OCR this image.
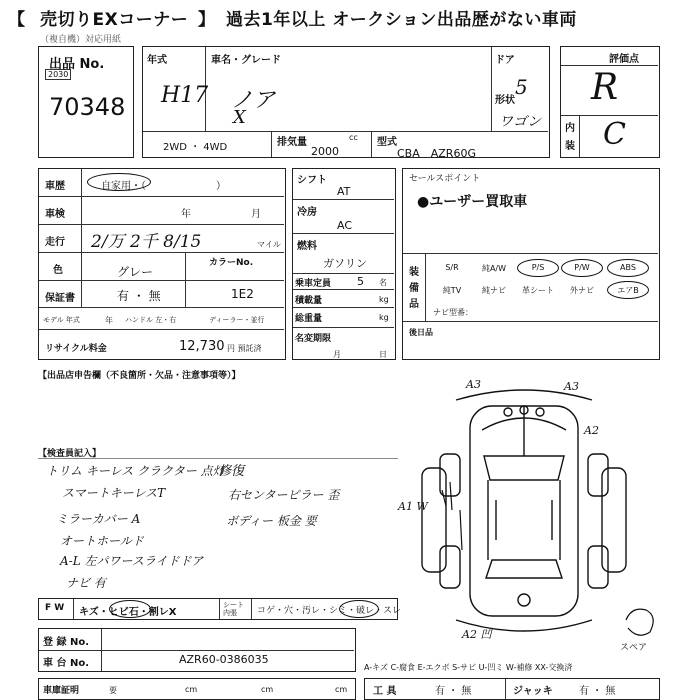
【 売切りEXコーナー 】 過去1年以上 オークション出品歴がない車両
（複自機）対応用紙
出品 No.
2030
70348
年式
H17
車名・グレード
ノア
X
ドア
5
形状
ワゴン
2WD ・ 4WD	排気量	cc
2000
型式
CBA　AZR60G
評価点
R
内
装 C
車歴	自家用・（　　　　　　　）
車検	年	月
走行 2/万 2千 8/15	マイル
色	グレー
カラーNo.
1E2
保証書	有 ・ 無
モデル 年式	年 ハンドル 左・右	ディーラー・並行
リサイクル料金	12,730 円 預託済
シフト
AT
冷房
AC
燃料
ガソリン
乗車定員 5 名
積載量	kg
総重量	kg
名変期限
月	日
セールスポイント
●ユーザー買取車
装
備
品
S/R	純A/W	P/S	P/W	ABS
純TV	純ナビ	革シート	外ナビ	エアB
ナビ型番：
後日品
【出品店申告欄（不良箇所・欠品・注意事項等）】
【検査員記入】
トリム キーレス クラクター 点灯
スマートキーレスT
ミラーカバー A
オートホールド
A-L 左パワースライドドア
ナビ 有
修復
右センターピラー 歪
ボディー 板金 要
A3	A3
A2
A1 W
A2 凹
スペア
F W キズ・ヒビ石・割レX
シート 内張	コゲ・穴・汚レ・シミ・破レ・スレ
登 録 No.
車 台 No.	AZR60-0386035
A-キズ C-腐食 E-エクボ S-サビ U-凹ミ W-補修 XX-交換済
車庫証明	要	cm	cm	cm	工 具	有 ・ 無	ジャッキ	有 ・ 無
